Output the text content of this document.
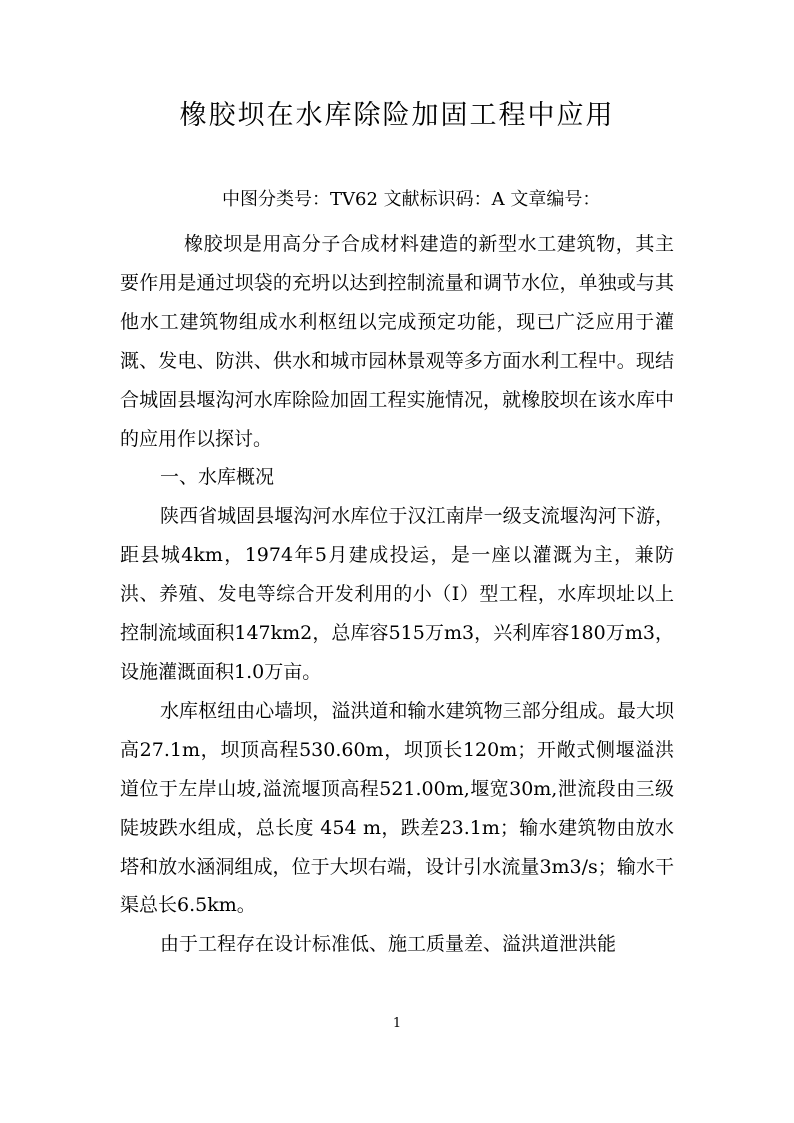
橡胶坝在水库除险加固工程中应用
中图分类号：TV62 文献标识码：A 文章编号：

橡胶坝是用高分子合成材料建造的新型水工建筑物，其主要作用是通过坝袋的充坍以达到控制流量和调节水位，单独或与其他水工建筑物组成水利枢纽以完成预定功能，现已广泛应用于灌溉、发电、防洪、供水和城市园林景观等多方面水利工程中。现结合城固县堰沟河水库除险加固工程实施情况，就橡胶坝在该水库中的应用作以探讨。

一、水库概况

陕西省城固县堰沟河水库位于汉江南岸一级支流堰沟河下游，距县城4km，1974年5月建成投运，是一座以灌溉为主，兼防洪、养殖、发电等综合开发利用的小（Ⅰ）型工程，水库坝址以上控制流域面积147km2，总库容515万m3，兴利库容180万m3，设施灌溉面积1.0万亩。

水库枢纽由心墙坝，溢洪道和输水建筑物三部分组成。最大坝高27.1m，坝顶高程530.60m，坝顶长120m；开敞式侧堰溢洪道位于左岸山坡,溢流堰顶高程521.00m,堰宽30m,泄流段由三级陡坡跌水组成，总长度 454 m，跌差23.1m；输水建筑物由放水塔和放水涵洞组成，位于大坝右端，设计引水流量3m3/s；输水干渠总长6.5km。

由于工程存在设计标准低、施工质量差、溢洪道泄洪能

1
